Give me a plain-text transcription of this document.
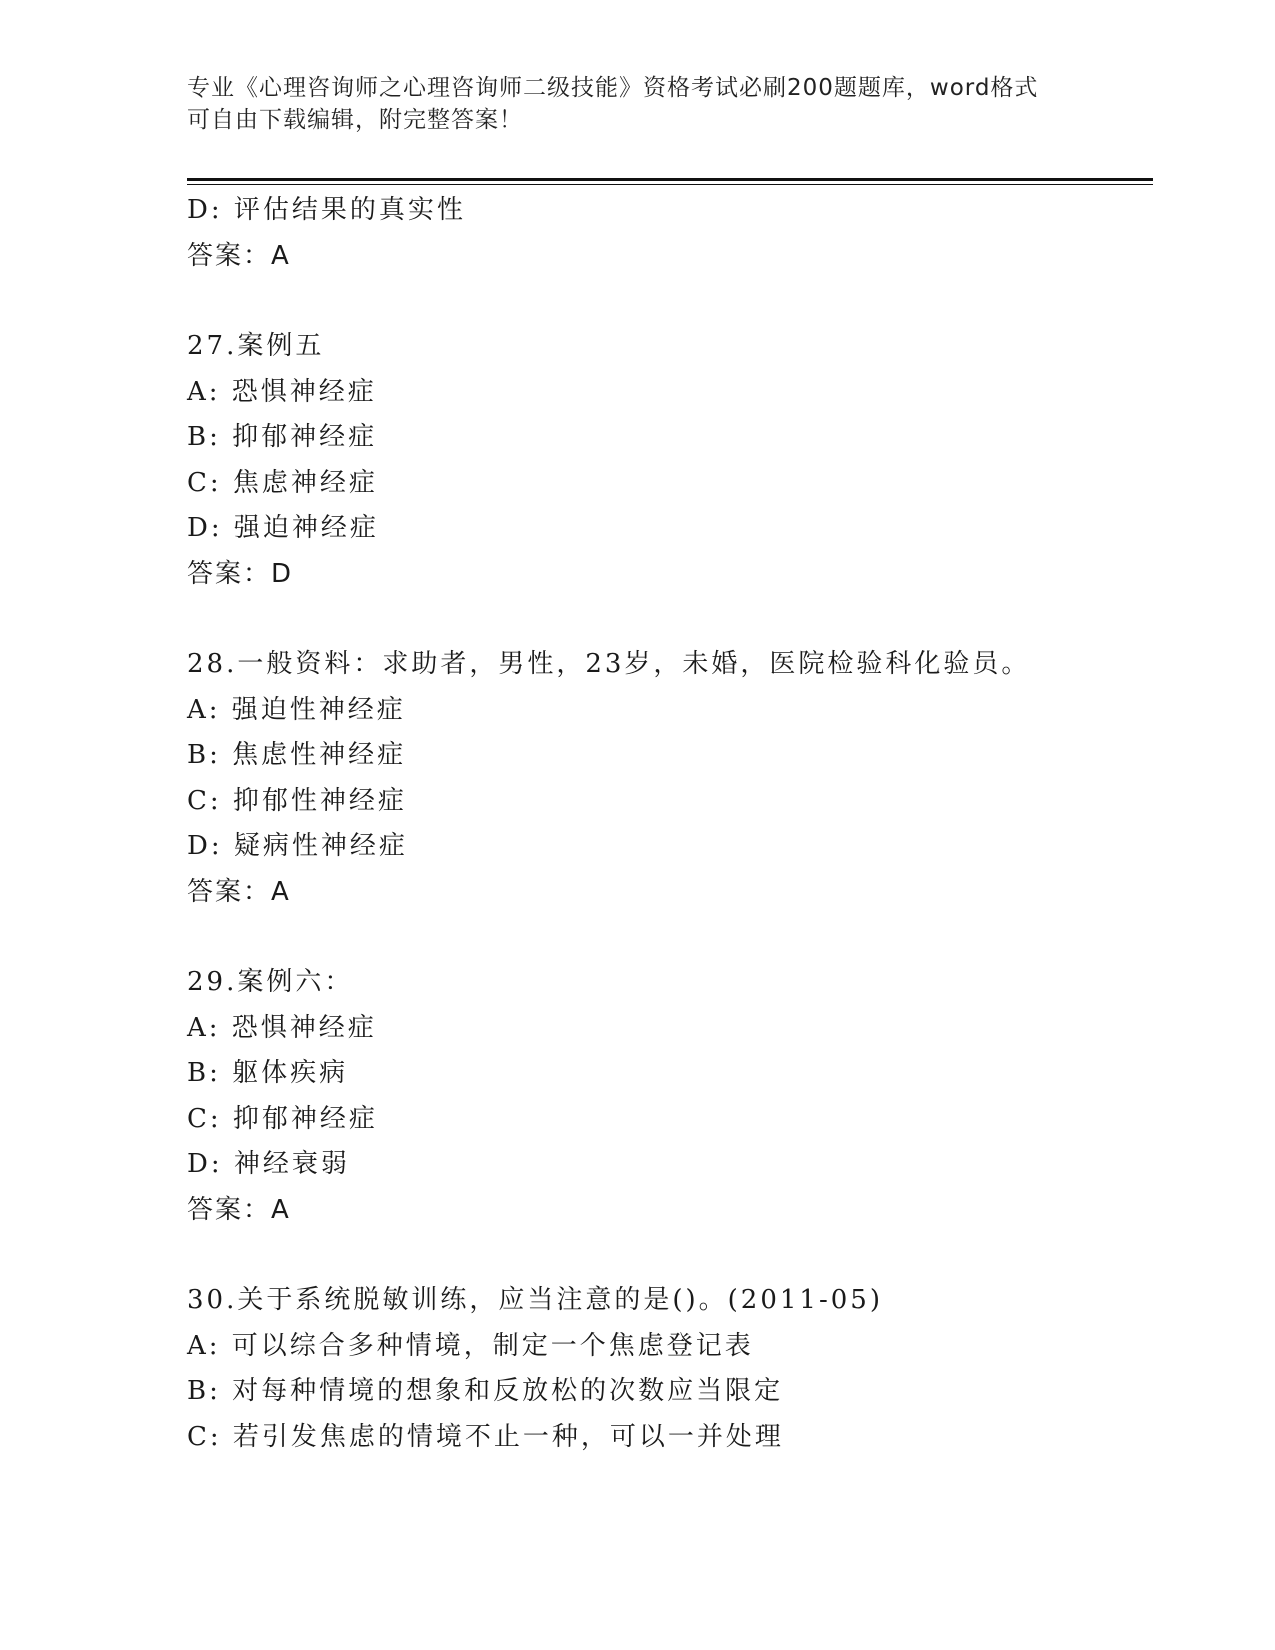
专业《心理咨询师之心理咨询师二级技能》资格考试必刷200题题库，word格式
可自由下载编辑，附完整答案！
D: 评估结果的真实性
答案：A
27.案例五
A: 恐惧神经症
B: 抑郁神经症
C: 焦虑神经症
D: 强迫神经症
答案：D
28.一般资料：求助者，男性，23岁，未婚，医院检验科化验员。
A: 强迫性神经症
B: 焦虑性神经症
C: 抑郁性神经症
D: 疑病性神经症
答案：A
29.案例六：
A: 恐惧神经症
B: 躯体疾病
C: 抑郁神经症
D: 神经衰弱
答案：A
30.关于系统脱敏训练，应当注意的是()。(2011-05)
A: 可以综合多种情境，制定一个焦虑登记表
B: 对每种情境的想象和反放松的次数应当限定
C: 若引发焦虑的情境不止一种，可以一并处理
